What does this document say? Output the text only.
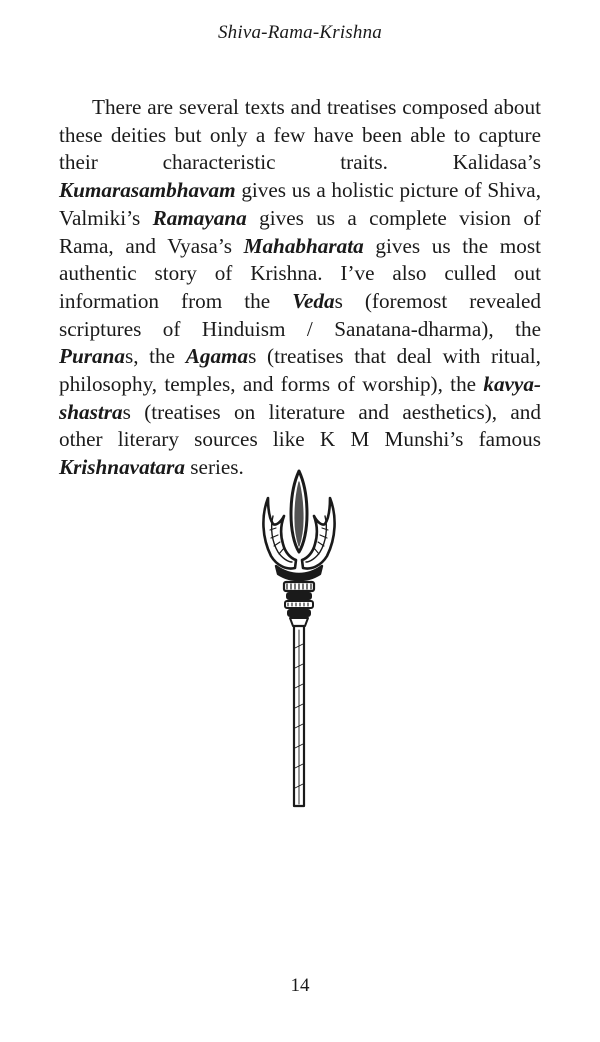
Shiva-Rama-Krishna

There are several texts and treatises composed about these deities but only a few have been able to capture their characteristic traits. Kalidasa’s Kumarasambhavam gives us a holistic picture of Shiva, Valmiki’s Ramayana gives us a complete vision of Rama, and Vyasa’s Mahabharata gives us the most authentic story of Krishna. I’ve also culled out information from the Vedas (foremost revealed scriptures of Hinduism / Sanatana-dharma), the Puranas, the Agamas (treatises that deal with ritual, philosophy, temples, and forms of worship), the kavya-shastras (treatises on literature and aesthetics), and other literary sources like K M Munshi’s famous Krishnavatara series.

14
